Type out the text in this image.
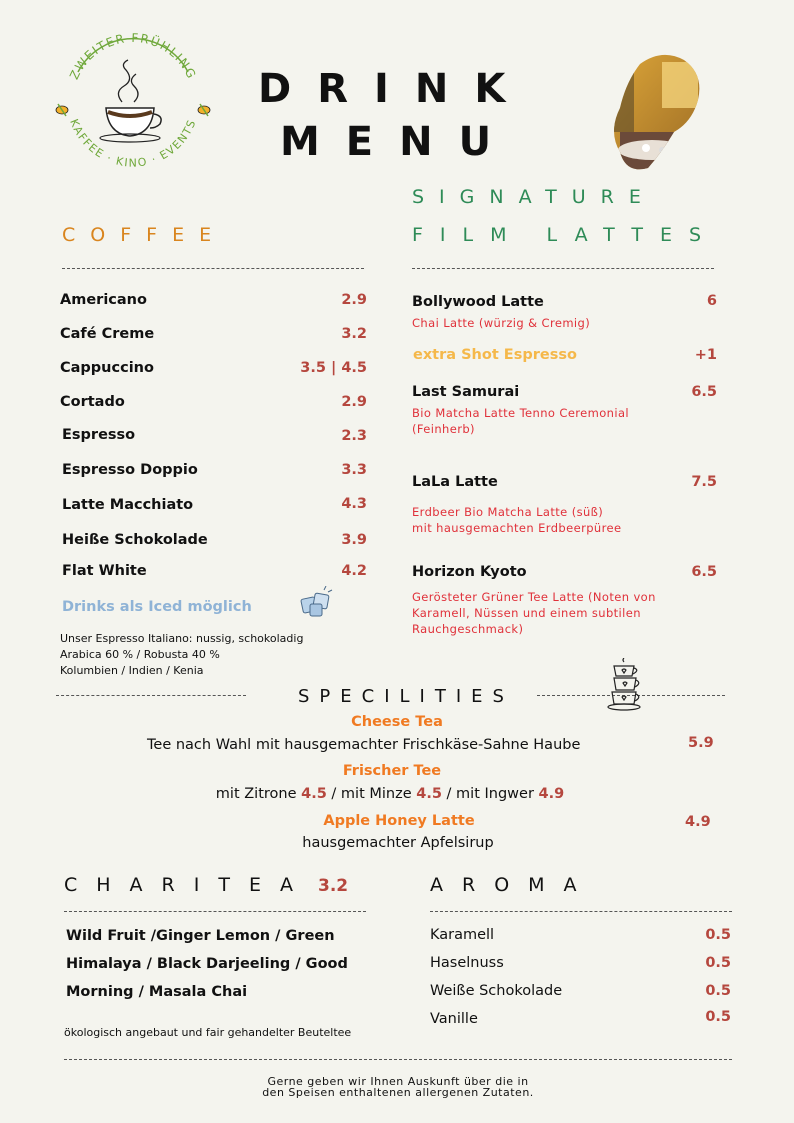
ZWEITER FRÜHLING
KAFFEE · KINO · EVENTS
DRINK
MENU
COFFEE
Americano	2.9
Café Creme	3.2
Cappuccino	3.5 | 4.5
Cortado	2.9
Espresso	2.3
Espresso Doppio	3.3
Latte Macchiato	4.3
Heiße Schokolade	3.9
Flat White	4.2
Drinks als Iced möglich
Unser Espresso Italiano: nussig, schokoladig
Arabica 60 % / Robusta 40 %
Kolumbien / Indien / Kenia
SIGNATURE
FILM LATTES
Bollywood Latte	6
Chai Latte (würzig & Cremig)
extra Shot Espresso	+1
Last Samurai	6.5
Bio Matcha Latte Tenno Ceremonial (Feinherb)
LaLa Latte	7.5
Erdbeer Bio Matcha Latte (süß)
mit hausgemachten Erdbeerpüree
Horizon Kyoto	6.5
Gerösteter Grüner Tee Latte (Noten von Karamell, Nüssen und einem subtilen Rauchgeschmack)
SPECILITIES
Cheese Tea
Tee nach Wahl mit hausgemachter Frischkäse-Sahne Haube	5.9
Frischer Tee
mit Zitrone 4.5 / mit Minze 4.5 / mit Ingwer 4.9
Apple Honey Latte	4.9
hausgemachter Apfelsirup
CHARITEA 3.2
Wild Fruit /Ginger Lemon / Green
Himalaya / Black Darjeeling / Good
Morning / Masala Chai
ökologisch angebaut und fair gehandelter Beuteltee
AROMA
Karamell	0.5
Haselnuss	0.5
Weiße Schokolade	0.5
Vanille	0.5
Gerne geben wir Ihnen Auskunft über die in
den Speisen enthaltenen allergenen Zutaten.
